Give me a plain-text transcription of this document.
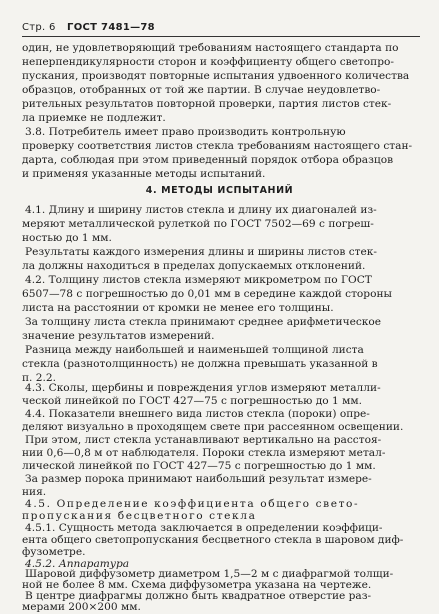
Стр. 6 ГОСТ 7481—78
один, не удовлетворяющий требованиям настоящего стандарта по
неперпендикулярности сторон и коэффициенту общего светопро-
пускания, производят повторные испытания удвоенного количества
образцов, отобранных от той же партии. В случае неудовлетво-
рительных результатов повторной проверки, партия листов стек-
ла приемке не подлежит.
3.8. Потребитель имеет право производить контрольную
проверку соответствия листов стекла требованиям настоящего стан-
дарта, соблюдая при этом приведенный порядок отбора образцов
и применяя указанные методы испытаний.
4. МЕТОДЫ ИСПЫТАНИЙ
4.1. Длину и ширину листов стекла и длину их диагоналей из-
меряют металлической рулеткой по ГОСТ 7502—69 с погреш-
ностью до 1 мм.
Результаты каждого измерения длины и ширины листов стек-
ла должны находиться в пределах допускаемых отклонений.
4.2. Толщину листов стекла измеряют микрометром по ГОСТ
6507—78 с погрешностью до 0,01 мм в середине каждой стороны
листа на расстоянии от кромки не менее его толщины.
За толщину листа стекла принимают среднее арифметическое
значение результатов измерений.
Разница между наибольшей и наименьшей толщиной листа
стекла (разнотолщинность) не должна превышать указанной в
п. 2.2.
4.3. Сколы, щербины и повреждения углов измеряют металли-
ческой линейкой по ГОСТ 427—75 с погрешностью до 1 мм.
4.4. Показатели внешнего вида листов стекла (пороки) опре-
деляют визуально в проходящем свете при рассеянном освещении.
При этом, лист стекла устанавливают вертикально на расстоя-
нии 0,6—0,8 м от наблюдателя. Пороки стекла измеряют метал-
лической линейкой по ГОСТ 427—75 с погрешностью до 1 мм.
За размер порока принимают наибольший результат измере-
ния.
4.5. Определение коэффициента общего свето-
пропускания бесцветного стекла
4.5.1. Сущность метода заключается в определении коэффици-
ента общего светопропускания бесцветного стекла в шаровом диф-
фузометре.
4.5.2. Аппаратура
Шаровой диффузометр диаметром 1,5—2 м с диафрагмой толщи-
ной не более 8 мм. Схема диффузометра указана на чертеже.
В центре диафрагмы должно быть квадратное отверстие раз-
мерами 200×200 мм.
